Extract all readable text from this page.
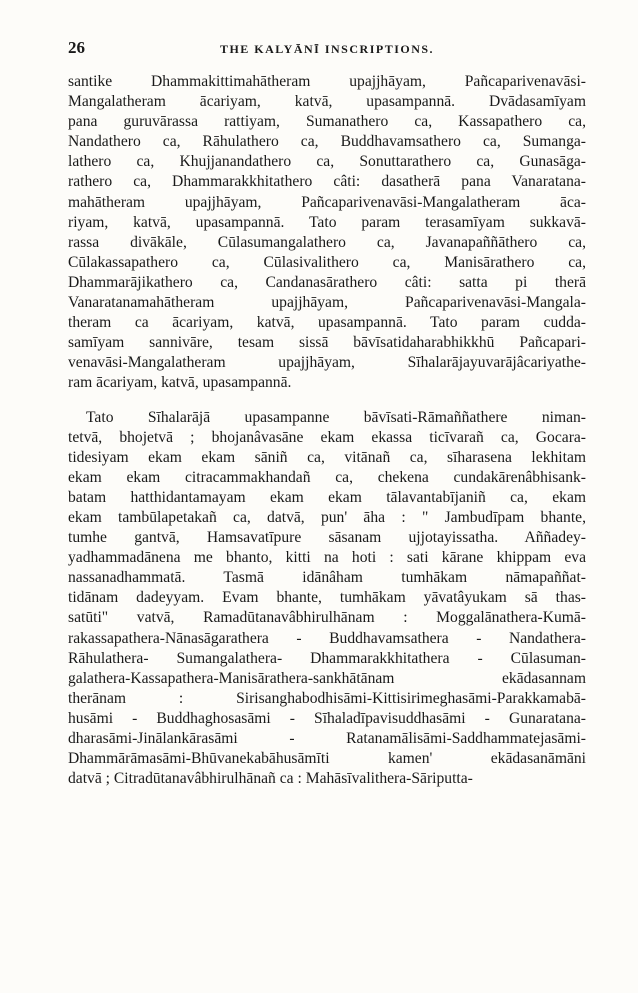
26	THE KALYĀNĪ INSCRIPTIONS.

santike Dhammakittimahātheram upajjhāyam, Pañcaparivenavāsi-
Mangalatheram ācariyam, katvā, upasampannā. Dvādasamīyam
pana guruvārassa rattiyam, Sumanathero ca, Kassapathero ca,
Nandathero ca, Rāhulathero ca, Buddhavamsathero ca, Sumanga-
lathero ca, Khujjanandathero ca, Sonuttarathero ca, Gunasāga-
rathero ca, Dhammarakkhitathero câti: dasatherā pana Vanaratana-
mahātheram upajjhāyam, Pañcaparivenavāsi-Mangalatheram āca-
riyam, katvā, upasampannā. Tato param terasamīyam sukkavā-
rassa divākāle, Cūlasumangalathero ca, Javanapaññāthero ca,
Cūlakassapathero ca, Cūlasivalithero ca, Manisārathero ca,
Dhammarājikathero ca, Candanasārathero câti: satta pi therā
Vanaratanamahātheram upajjhāyam, Pañcaparivenavāsi-Mangala-
theram ca ācariyam, katvā, upasampannā. Tato param cudda-
samīyam sannivāre, tesam sissā bāvīsatidaharabhikkhū Pañcapari-
venavāsi-Mangalatheram upajjhāyam, Sīhalarājayuvarājâcariyathe-
ram ācariyam, katvā, upasampannā.

Tato Sīhalarājā upasampanne bāvīsati-Rāmaññathere niman-
tetvā, bhojetvā ; bhojanâvasāne ekam ekassa ticīvarañ ca, Gocara-
tidesiyam ekam ekam sāniñ ca, vitānañ ca, sīharasena lekhitam
ekam ekam citracammakhandañ ca, chekena cundakārenâbhisank-
batam hatthidantamayam ekam ekam tālavantabījaniñ ca, ekam
ekam tambūlapetakañ ca, datvā, pun' āha : " Jambudīpam bhante,
tumhe gantvā, Hamsavatīpure sāsanam ujjotayissatha. Aññadey-
yadhammadānena me bhanto, kitti na hoti : sati kārane khippam eva
nassanadhammatā. Tasmā idānâham tumhākam nāmapaññat-
tidānam dadeyyam. Evam bhante, tumhākam yāvatâyukam sā thas-
satūti" vatvā, Ramadūtanavâbhirulhānam : Moggalānathera-Kumā-
rakassapathera-Nānasāgarathera - Buddhavamsathera - Nandathera-
Rāhulathera- Sumangalathera- Dhammarakkhitathera - Cūlasuman-
galathera-Kassapathera-Manisārathera-sankhātānam ekādasannam
therānam : Sirisanghabodhisāmi-Kittisirimeghasāmi-Parakkamabā-
husāmi - Buddhaghosasāmi - Sīhaladīpavisuddhasāmi - Gunaratana-
dharasāmi-Jinālankārasāmi - Ratanamālisāmi-Saddhammatejasāmi-
Dhammārāmasāmi-Bhūvanekabāhusāmīti kamen' ekādasanāmāni
datvā ; Citradūtanavâbhirulhānañ ca : Mahāsīvalithera-Sāriputta-
